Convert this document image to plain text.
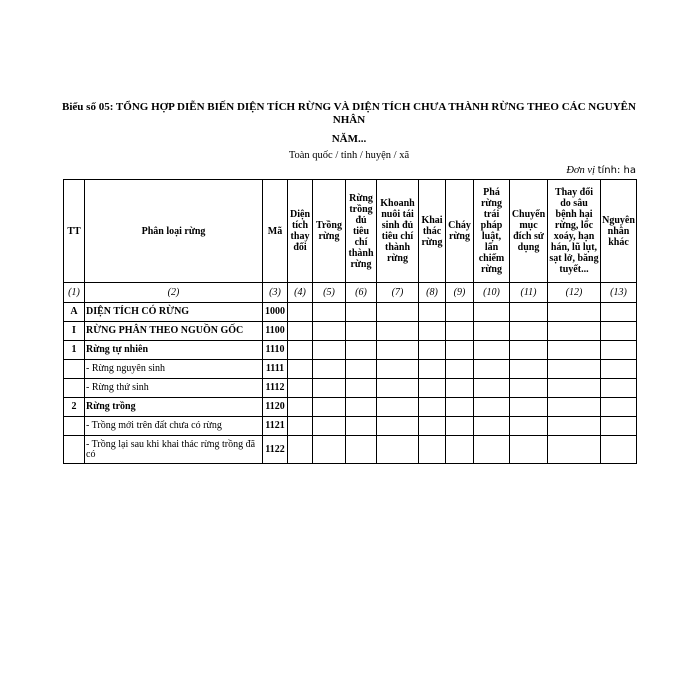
Biểu số 05: TỔNG HỢP DIỄN BIẾN DIỆN TÍCH RỪNG VÀ DIỆN TÍCH CHƯA THÀNH RỪNG THEO CÁC NGUYÊN NHÂN
NĂM...
Toàn quốc / tỉnh / huyện / xã
Đơn vị tính: ha
TT	Phân loại rừng	Mã	Diện tích thay đổi	Trồng rừng	Rừng trồng đủ tiêu chí thành rừng	Khoanh nuôi tái sinh đủ tiêu chí thành rừng	Khai thác rừng	Cháy rừng	Phá rừng trái pháp luật, lấn chiếm rừng	Chuyển mục đích sử dụng	Thay đổi do sâu bệnh hại rừng, lốc xoáy, hạn hán, lũ lụt, sạt lở, băng tuyết...	Nguyên nhân khác
(1)	(2)	(3)	(4)	(5)	(6)	(7)	(8)	(9)	(10)	(11)	(12)	(13)
A	DIỆN TÍCH CÓ RỪNG	1000										
I	RỪNG PHÂN THEO NGUỒN GỐC	1100										
1	Rừng tự nhiên	1110										
	- Rừng nguyên sinh	1111										
	- Rừng thứ sinh	1112										
2	Rừng trồng	1120										
	- Trồng mới trên đất chưa có rừng	1121										
	- Trồng lại sau khi khai thác rừng trồng đã có	1122										
